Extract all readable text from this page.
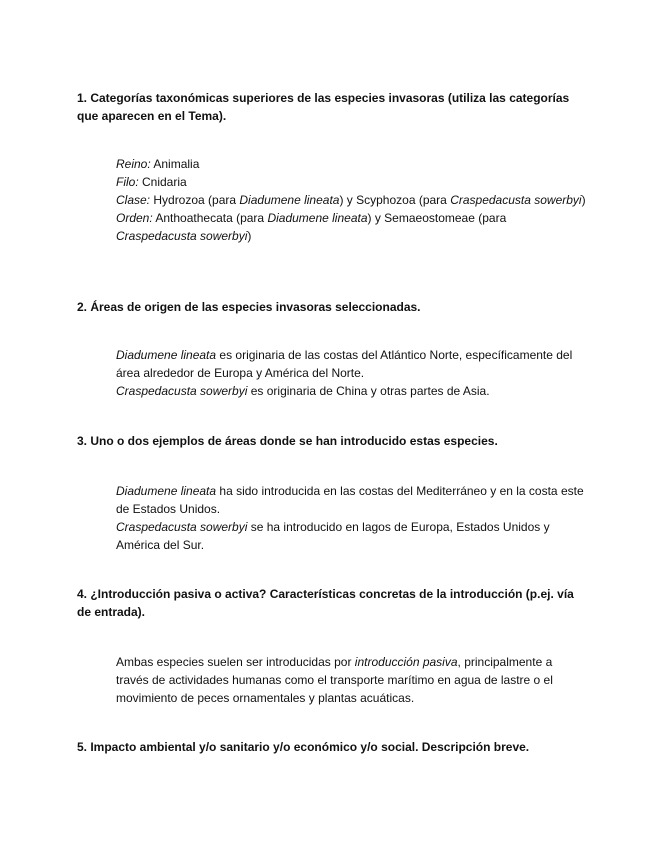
1. Categorías taxonómicas superiores de las especies invasoras (utiliza las categorías que aparecen en el Tema).

Reino: Animalia

Filo: Cnidaria

Clase: Hydrozoa (para Diadumene lineata) y Scyphozoa (para Craspedacusta sowerbyi)

Orden: Anthoathecata (para Diadumene lineata) y Semaeostomeae (para Craspedacusta sowerbyi)

2. Áreas de origen de las especies invasoras seleccionadas.

Diadumene lineata es originaria de las costas del Atlántico Norte, específicamente del área alrededor de Europa y América del Norte.

Craspedacusta sowerbyi es originaria de China y otras partes de Asia.

3. Uno o dos ejemplos de áreas donde se han introducido estas especies.

Diadumene lineata ha sido introducida en las costas del Mediterráneo y en la costa este de Estados Unidos.

Craspedacusta sowerbyi se ha introducido en lagos de Europa, Estados Unidos y América del Sur.

4. ¿Introducción pasiva o activa? Características concretas de la introducción (p.ej. vía de entrada).

Ambas especies suelen ser introducidas por introducción pasiva, principalmente a través de actividades humanas como el transporte marítimo en agua de lastre o el movimiento de peces ornamentales y plantas acuáticas.

5. Impacto ambiental y/o sanitario y/o económico y/o social. Descripción breve.
